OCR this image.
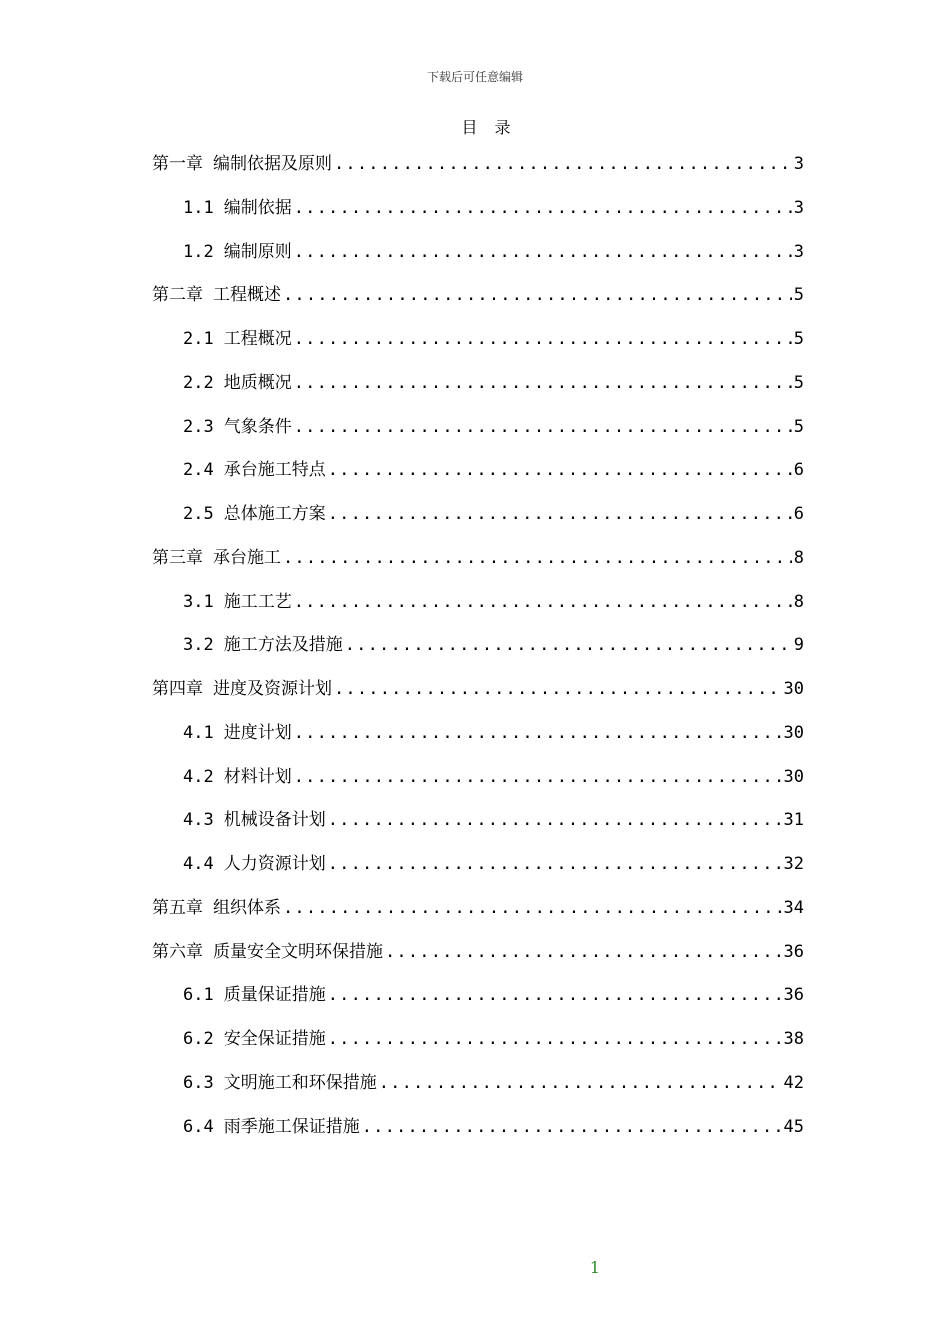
下载后可任意编辑
目 录
第一章 编制依据及原则 .....	3
1.1 编制依据 .....	3
1.2 编制原则 .....	3
第二章 工程概述 .....	5
2.1 工程概况 .....	5
2.2 地质概况 .....	5
2.3 气象条件 .....	5
2.4 承台施工特点 .....	6
2.5 总体施工方案 .....	6
第三章 承台施工 .....	8
3.1 施工工艺 .....	8
3.2 施工方法及措施 .....	9
第四章 进度及资源计划 .....	30
4.1 进度计划 .....	30
4.2 材料计划 .....	30
4.3 机械设备计划 .....	31
4.4 人力资源计划 .....	32
第五章 组织体系 .....	34
第六章 质量安全文明环保措施 .....	36
6.1 质量保证措施 .....	36
6.2 安全保证措施 .....	38
6.3 文明施工和环保措施 .....	42
6.4 雨季施工保证措施 .....	45
1
